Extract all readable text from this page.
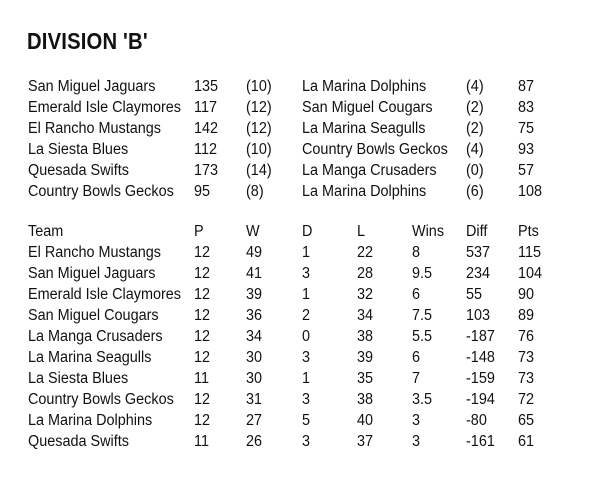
DIVISION 'B'
San Miguel Jaguars 135 (10) La Marina Dolphins	(4) 87
Emerald Isle Claymores 117 (12) San Miguel Cougars (2) 83
El Rancho Mustangs 142 (12) La Marina Seagulls	(2) 75
La Siesta Blues	112 (10) Country Bowls Geckos (4) 93
Quesada Swifts	173 (14) La Manga Crusaders (0) 57
Country Bowls Geckos 95 (8) La Marina Dolphins	(6) 108
Team	P	W	D	L	Wins Diff Pts
El Rancho Mustangs 12 49	1	22	8	537 115
San Miguel Jaguars 12 41	3	28	9.5 234 104
Emerald Isle Claymores 12 39	1	32	6	55 90
San Miguel Cougars 12 36	2	34	7.5 103 89
La Manga Crusaders 12 34	0	38	5.5 -187 76
La Marina Seagulls	12 30	3	39	6	-148 73
La Siesta Blues	11 30	1	35	7	-159 73
Country Bowls Geckos 12 31	3	38	3.5 -194 72
La Marina Dolphins	12 27	5	40	3	-80 65
Quesada Swifts	11 26	3	37	3	-161 61
